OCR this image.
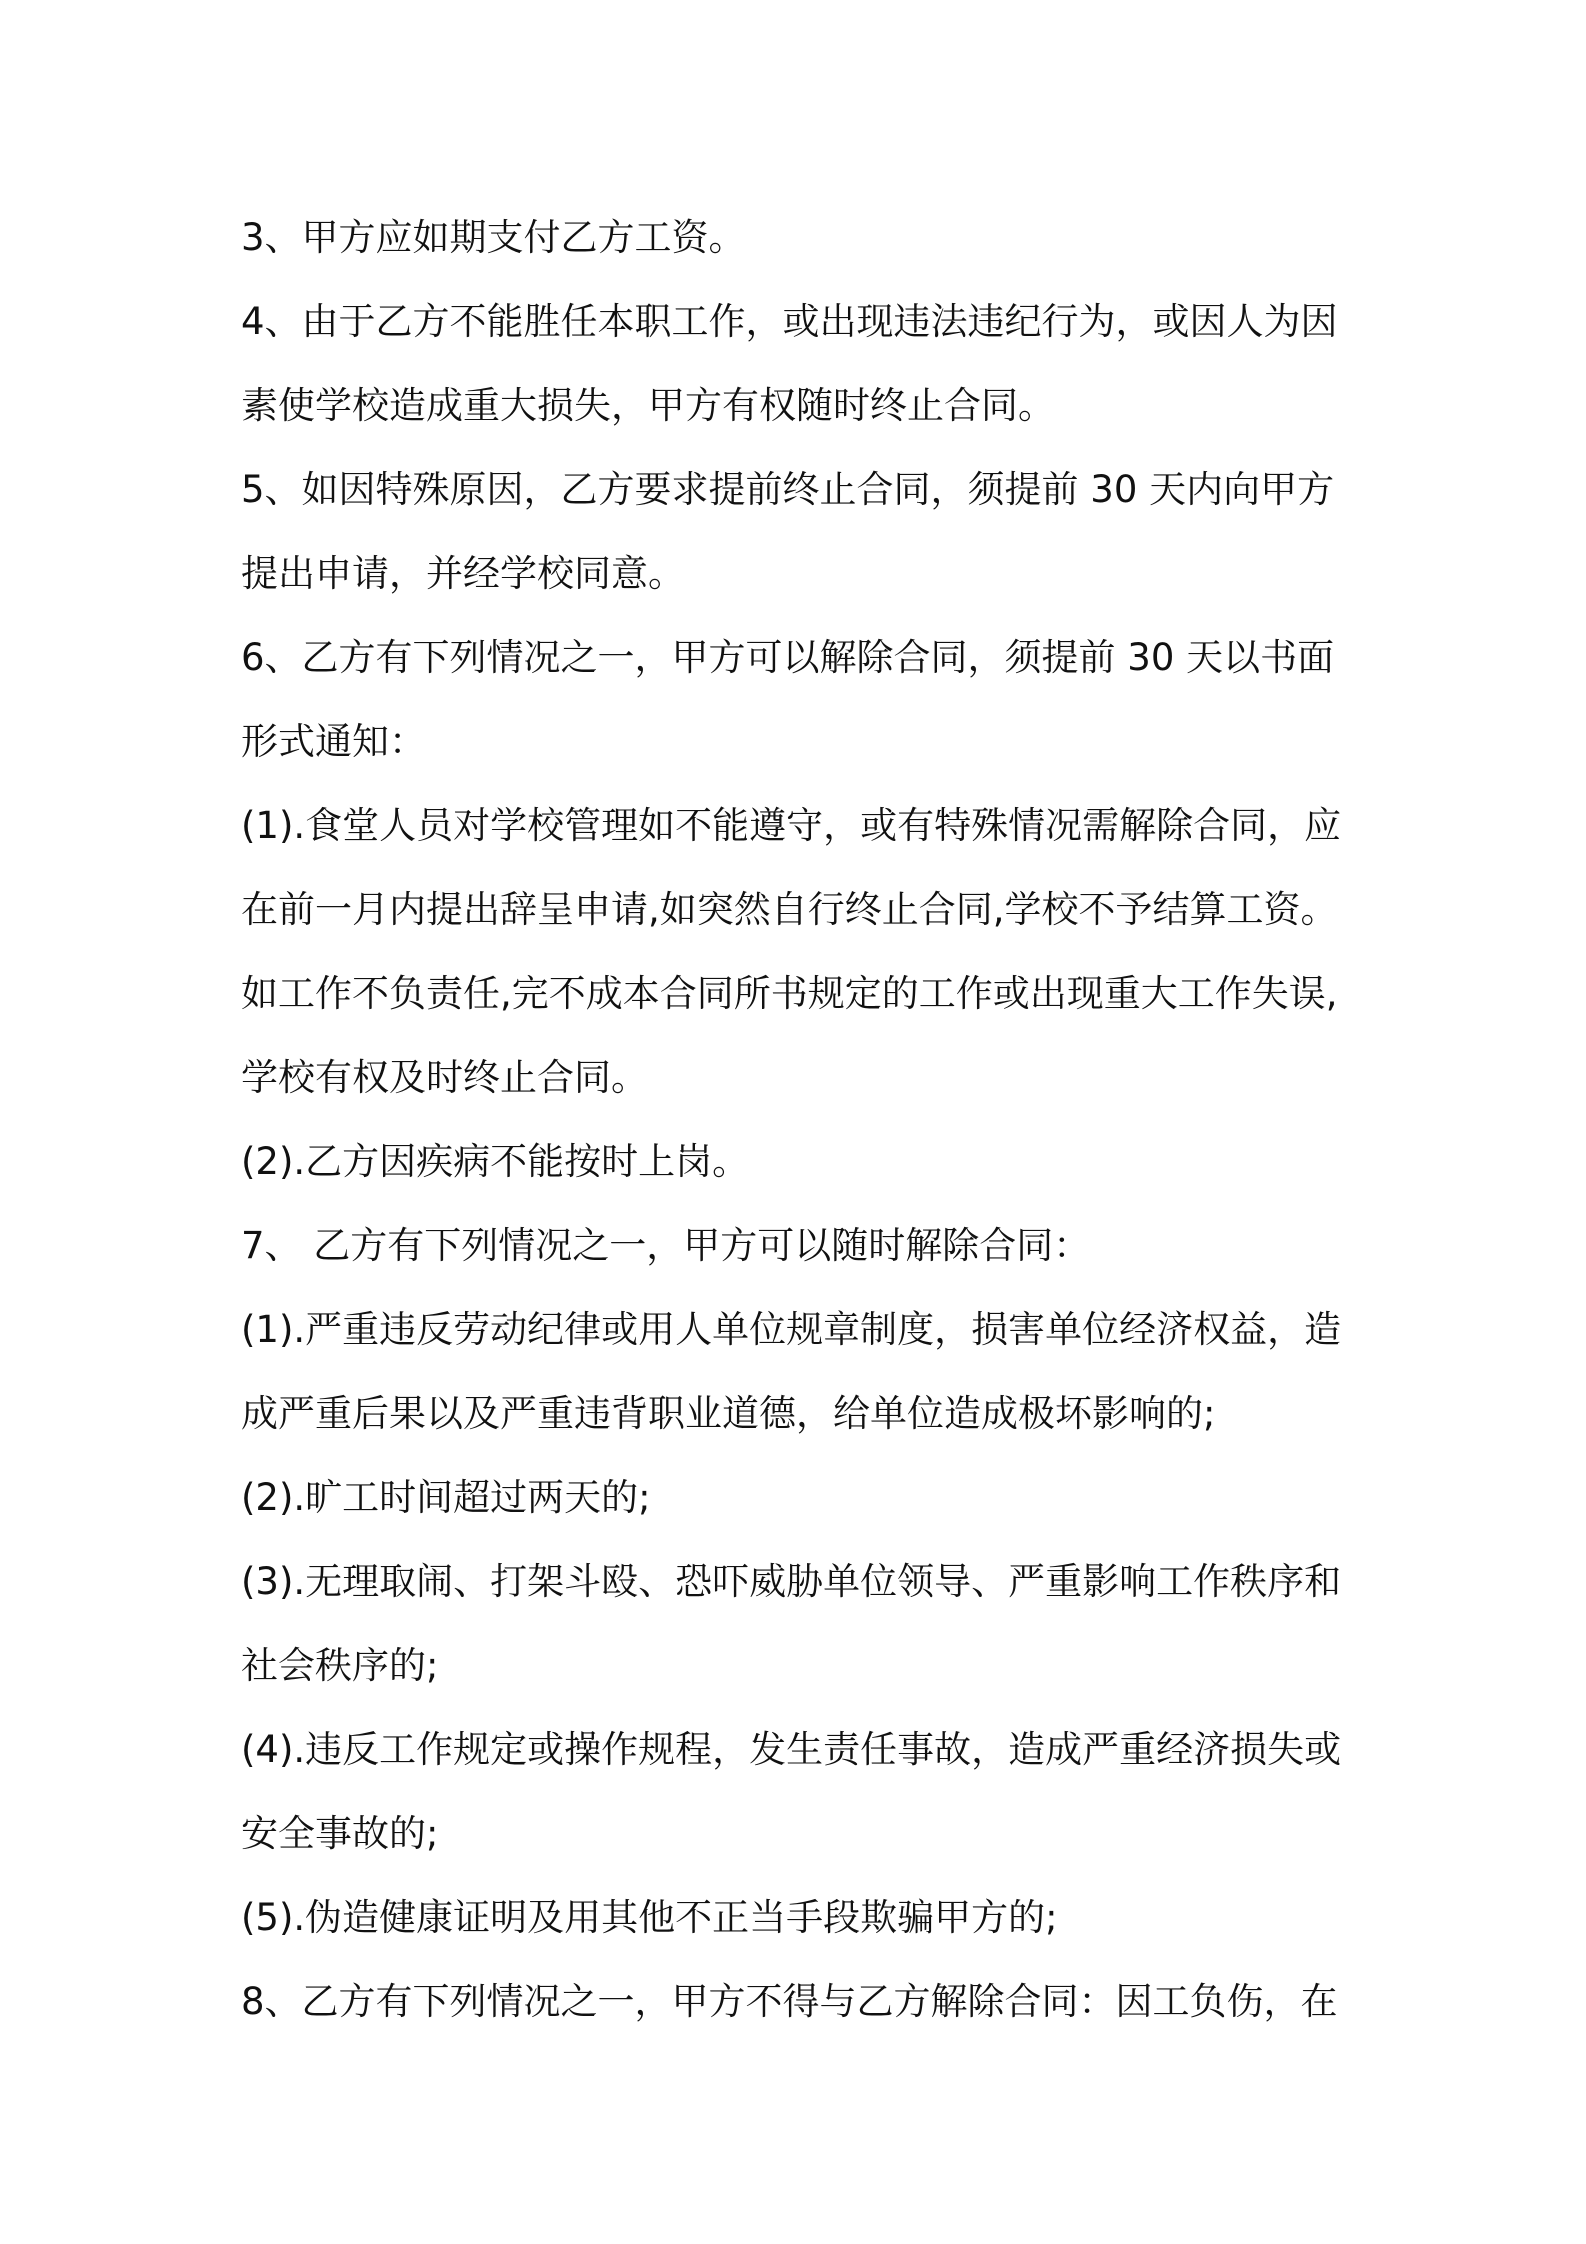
3、甲方应如期支付乙方工资。

4、由于乙方不能胜任本职工作，或出现违法违纪行为，或因人为因

素使学校造成重大损失，甲方有权随时终止合同。

5、如因特殊原因，乙方要求提前终止合同，须提前 30 天内向甲方

提出申请，并经学校同意。

6、乙方有下列情况之一，甲方可以解除合同，须提前 30 天以书面

形式通知：

(1).食堂人员对学校管理如不能遵守，或有特殊情况需解除合同，应

在前一月内提出辞呈申请,如突然自行终止合同,学校不予结算工资。

如工作不负责任,完不成本合同所书规定的工作或出现重大工作失误,

学校有权及时终止合同。

(2).乙方因疾病不能按时上岗。

7、 乙方有下列情况之一，甲方可以随时解除合同：

(1).严重违反劳动纪律或用人单位规章制度，损害单位经济权益，造

成严重后果以及严重违背职业道德，给单位造成极坏影响的;

(2).旷工时间超过两天的;

(3).无理取闹、打架斗殴、恐吓威胁单位领导、严重影响工作秩序和

社会秩序的;

(4).违反工作规定或操作规程，发生责任事故，造成严重经济损失或

安全事故的;

(5).伪造健康证明及用其他不正当手段欺骗甲方的;

8、乙方有下列情况之一，甲方不得与乙方解除合同：因工负伤，在
